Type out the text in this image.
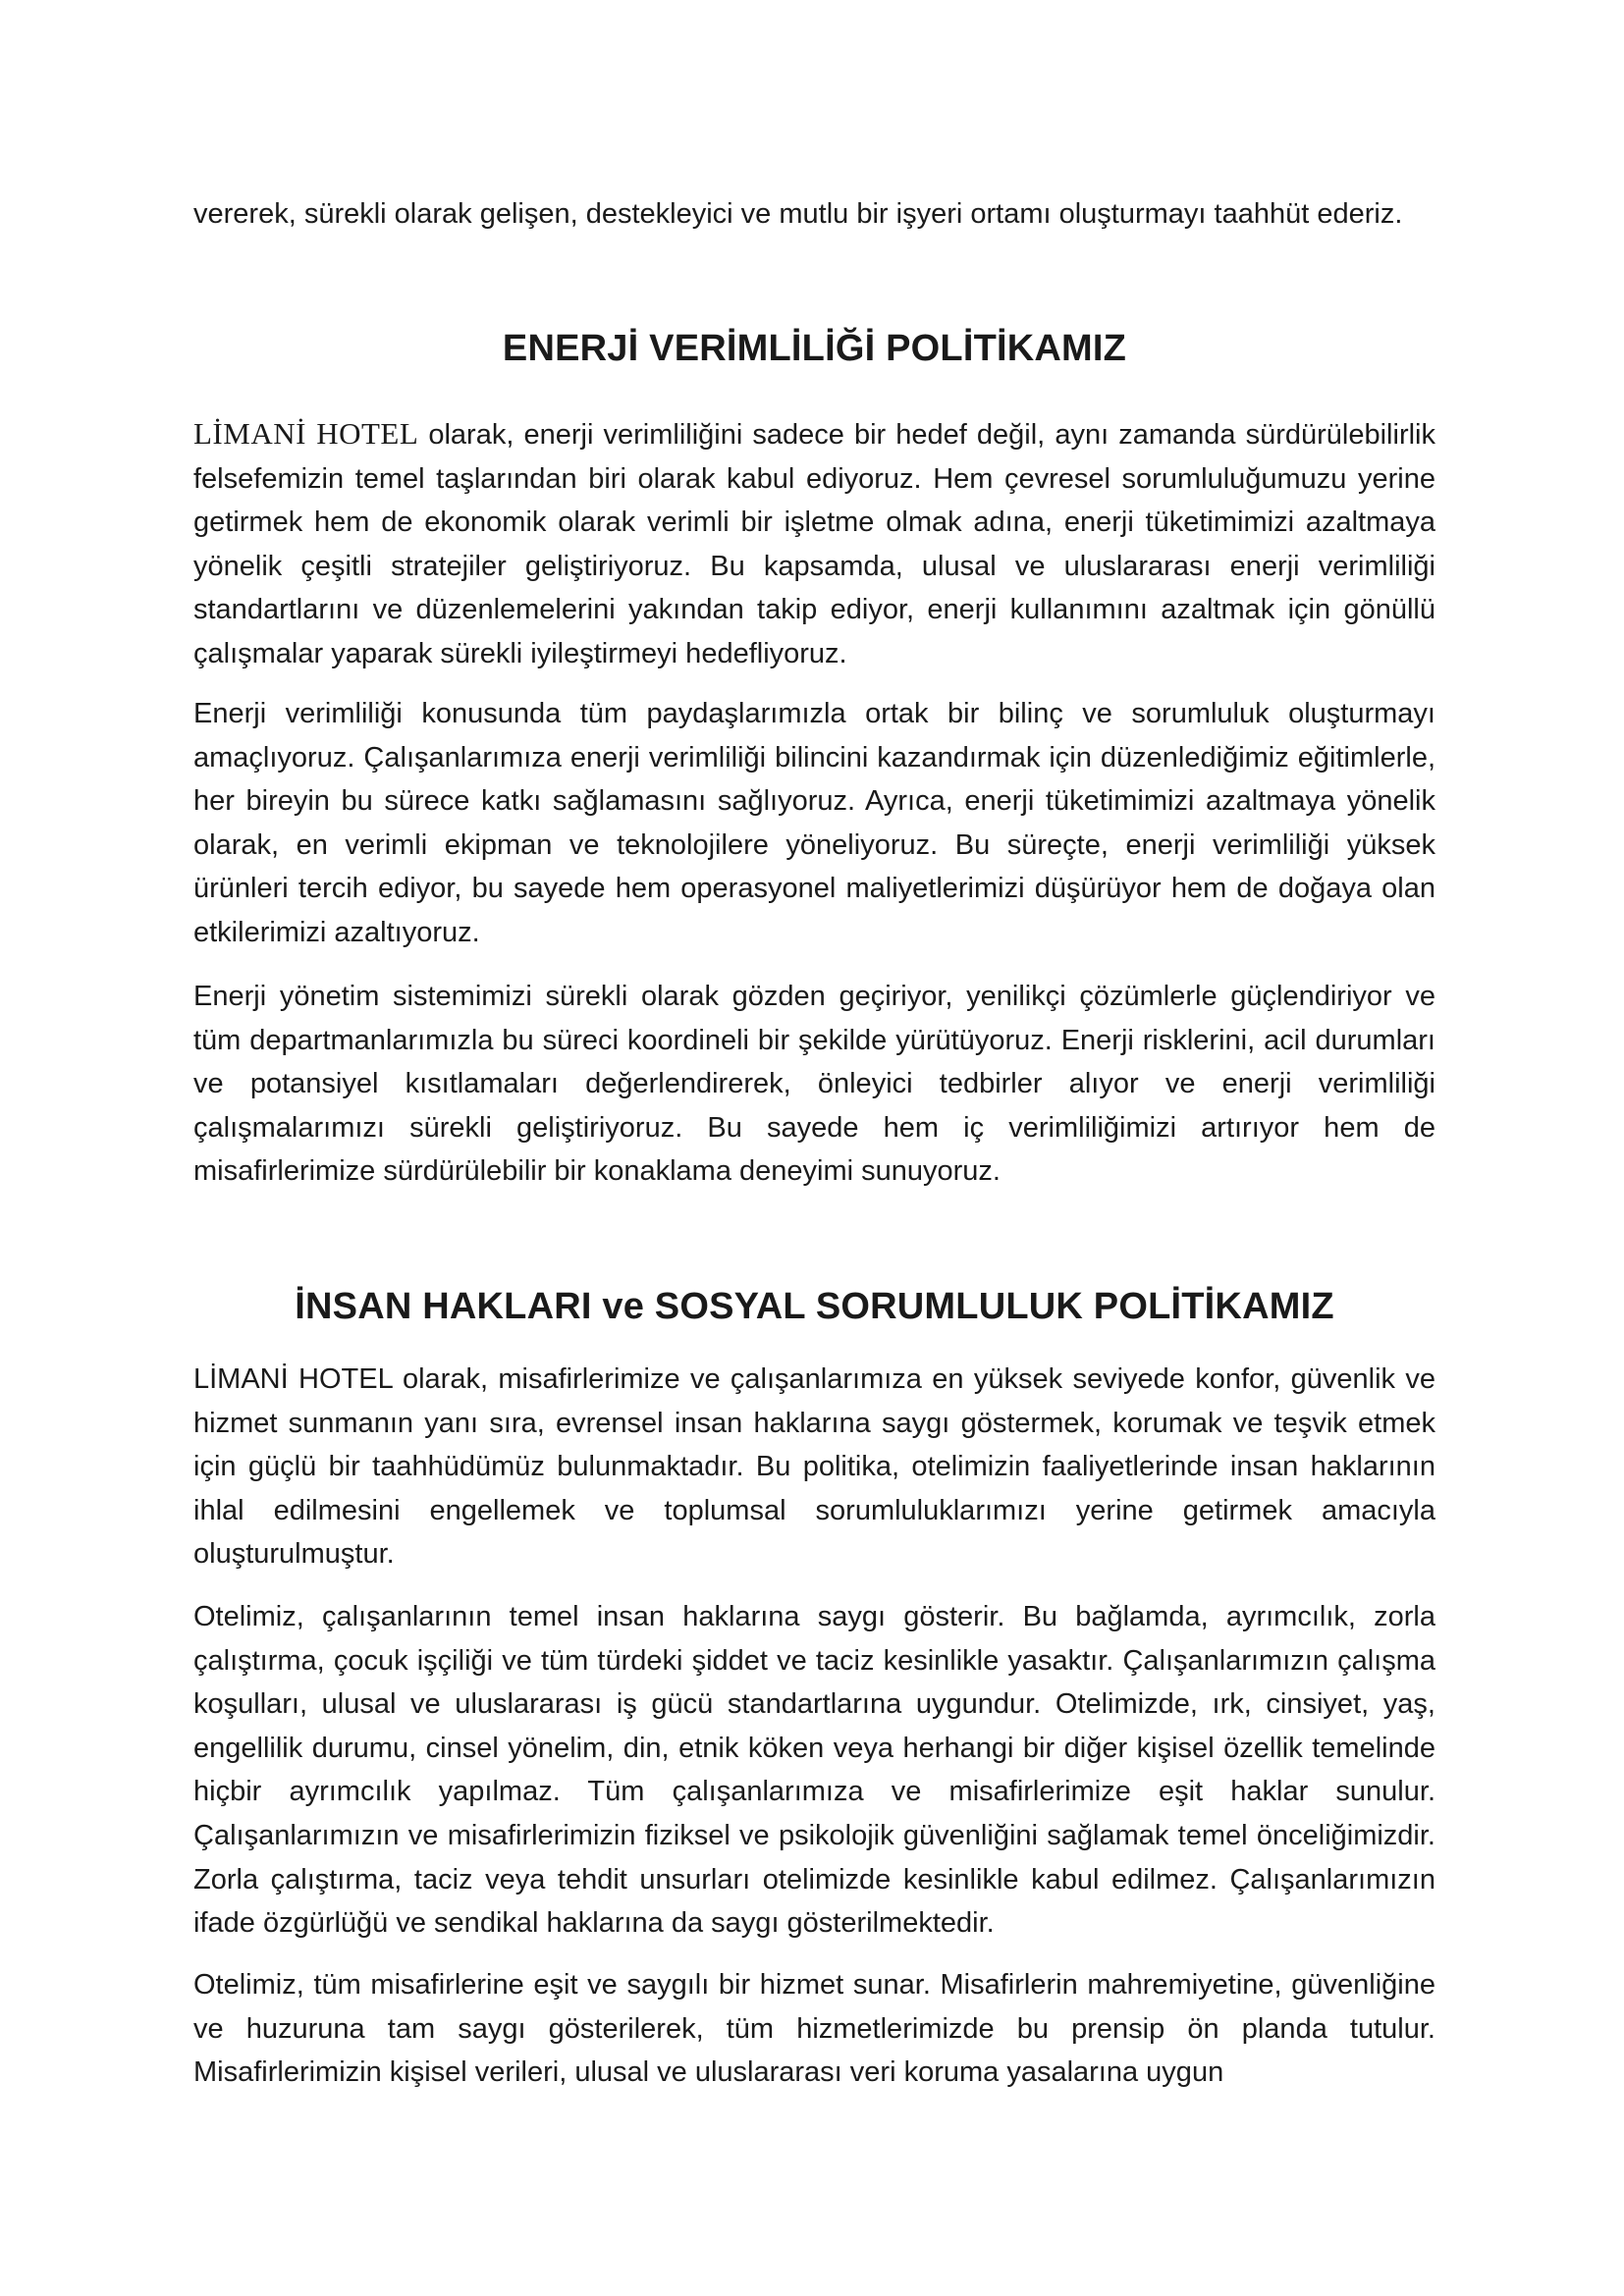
vererek, sürekli olarak gelişen, destekleyici ve mutlu bir işyeri ortamı oluşturmayı taahhüt ederiz.

ENERJİ VERİMLİLİĞİ POLİTİKAMIZ

LİMANİ HOTEL olarak, enerji verimliliğini sadece bir hedef değil, aynı zamanda sürdürülebilirlik felsefemizin temel taşlarından biri olarak kabul ediyoruz. Hem çevresel sorumluluğumuzu yerine getirmek hem de ekonomik olarak verimli bir işletme olmak adına, enerji tüketimimizi azaltmaya yönelik çeşitli stratejiler geliştiriyoruz. Bu kapsamda, ulusal ve uluslararası enerji verimliliği standartlarını ve düzenlemelerini yakından takip ediyor, enerji kullanımını azaltmak için gönüllü çalışmalar yaparak sürekli iyileştirmeyi hedefliyoruz.

Enerji verimliliği konusunda tüm paydaşlarımızla ortak bir bilinç ve sorumluluk oluşturmayı amaçlıyoruz. Çalışanlarımıza enerji verimliliği bilincini kazandırmak için düzenlediğimiz eğitimlerle, her bireyin bu sürece katkı sağlamasını sağlıyoruz. Ayrıca, enerji tüketimimizi azaltmaya yönelik olarak, en verimli ekipman ve teknolojilere yöneliyoruz. Bu süreçte, enerji verimliliği yüksek ürünleri tercih ediyor, bu sayede hem operasyonel maliyetlerimizi düşürüyor hem de doğaya olan etkilerimizi azaltıyoruz.

Enerji yönetim sistemimizi sürekli olarak gözden geçiriyor, yenilikçi çözümlerle güçlendiriyor ve tüm departmanlarımızla bu süreci koordineli bir şekilde yürütüyoruz. Enerji risklerini, acil durumları ve potansiyel kısıtlamaları değerlendirerek, önleyici tedbirler alıyor ve enerji verimliliği çalışmalarımızı sürekli geliştiriyoruz. Bu sayede hem iç verimliliğimizi artırıyor hem de misafirlerimize sürdürülebilir bir konaklama deneyimi sunuyoruz.

İNSAN HAKLARI ve SOSYAL SORUMLULUK POLİTİKAMIZ

LİMANİ HOTEL olarak, misafirlerimize ve çalışanlarımıza en yüksek seviyede konfor, güvenlik ve hizmet sunmanın yanı sıra, evrensel insan haklarına saygı göstermek, korumak ve teşvik etmek için güçlü bir taahhüdümüz bulunmaktadır. Bu politika, otelimizin faaliyetlerinde insan haklarının ihlal edilmesini engellemek ve toplumsal sorumluluklarımızı yerine getirmek amacıyla oluşturulmuştur.

Otelimiz, çalışanlarının temel insan haklarına saygı gösterir. Bu bağlamda, ayrımcılık, zorla çalıştırma, çocuk işçiliği ve tüm türdeki şiddet ve taciz kesinlikle yasaktır. Çalışanlarımızın çalışma koşulları, ulusal ve uluslararası iş gücü standartlarına uygundur. Otelimizde, ırk, cinsiyet, yaş, engellilik durumu, cinsel yönelim, din, etnik köken veya herhangi bir diğer kişisel özellik temelinde hiçbir ayrımcılık yapılmaz. Tüm çalışanlarımıza ve misafirlerimize eşit haklar sunulur. Çalışanlarımızın ve misafirlerimizin fiziksel ve psikolojik güvenliğini sağlamak temel önceliğimizdir. Zorla çalıştırma, taciz veya tehdit unsurları otelimizde kesinlikle kabul edilmez. Çalışanlarımızın ifade özgürlüğü ve sendikal haklarına da saygı gösterilmektedir.

Otelimiz, tüm misafirlerine eşit ve saygılı bir hizmet sunar. Misafirlerin mahremiyetine, güvenliğine ve huzuruna tam saygı gösterilerek, tüm hizmetlerimizde bu prensip ön planda tutulur. Misafirlerimizin kişisel verileri, ulusal ve uluslararası veri koruma yasalarına uygun
